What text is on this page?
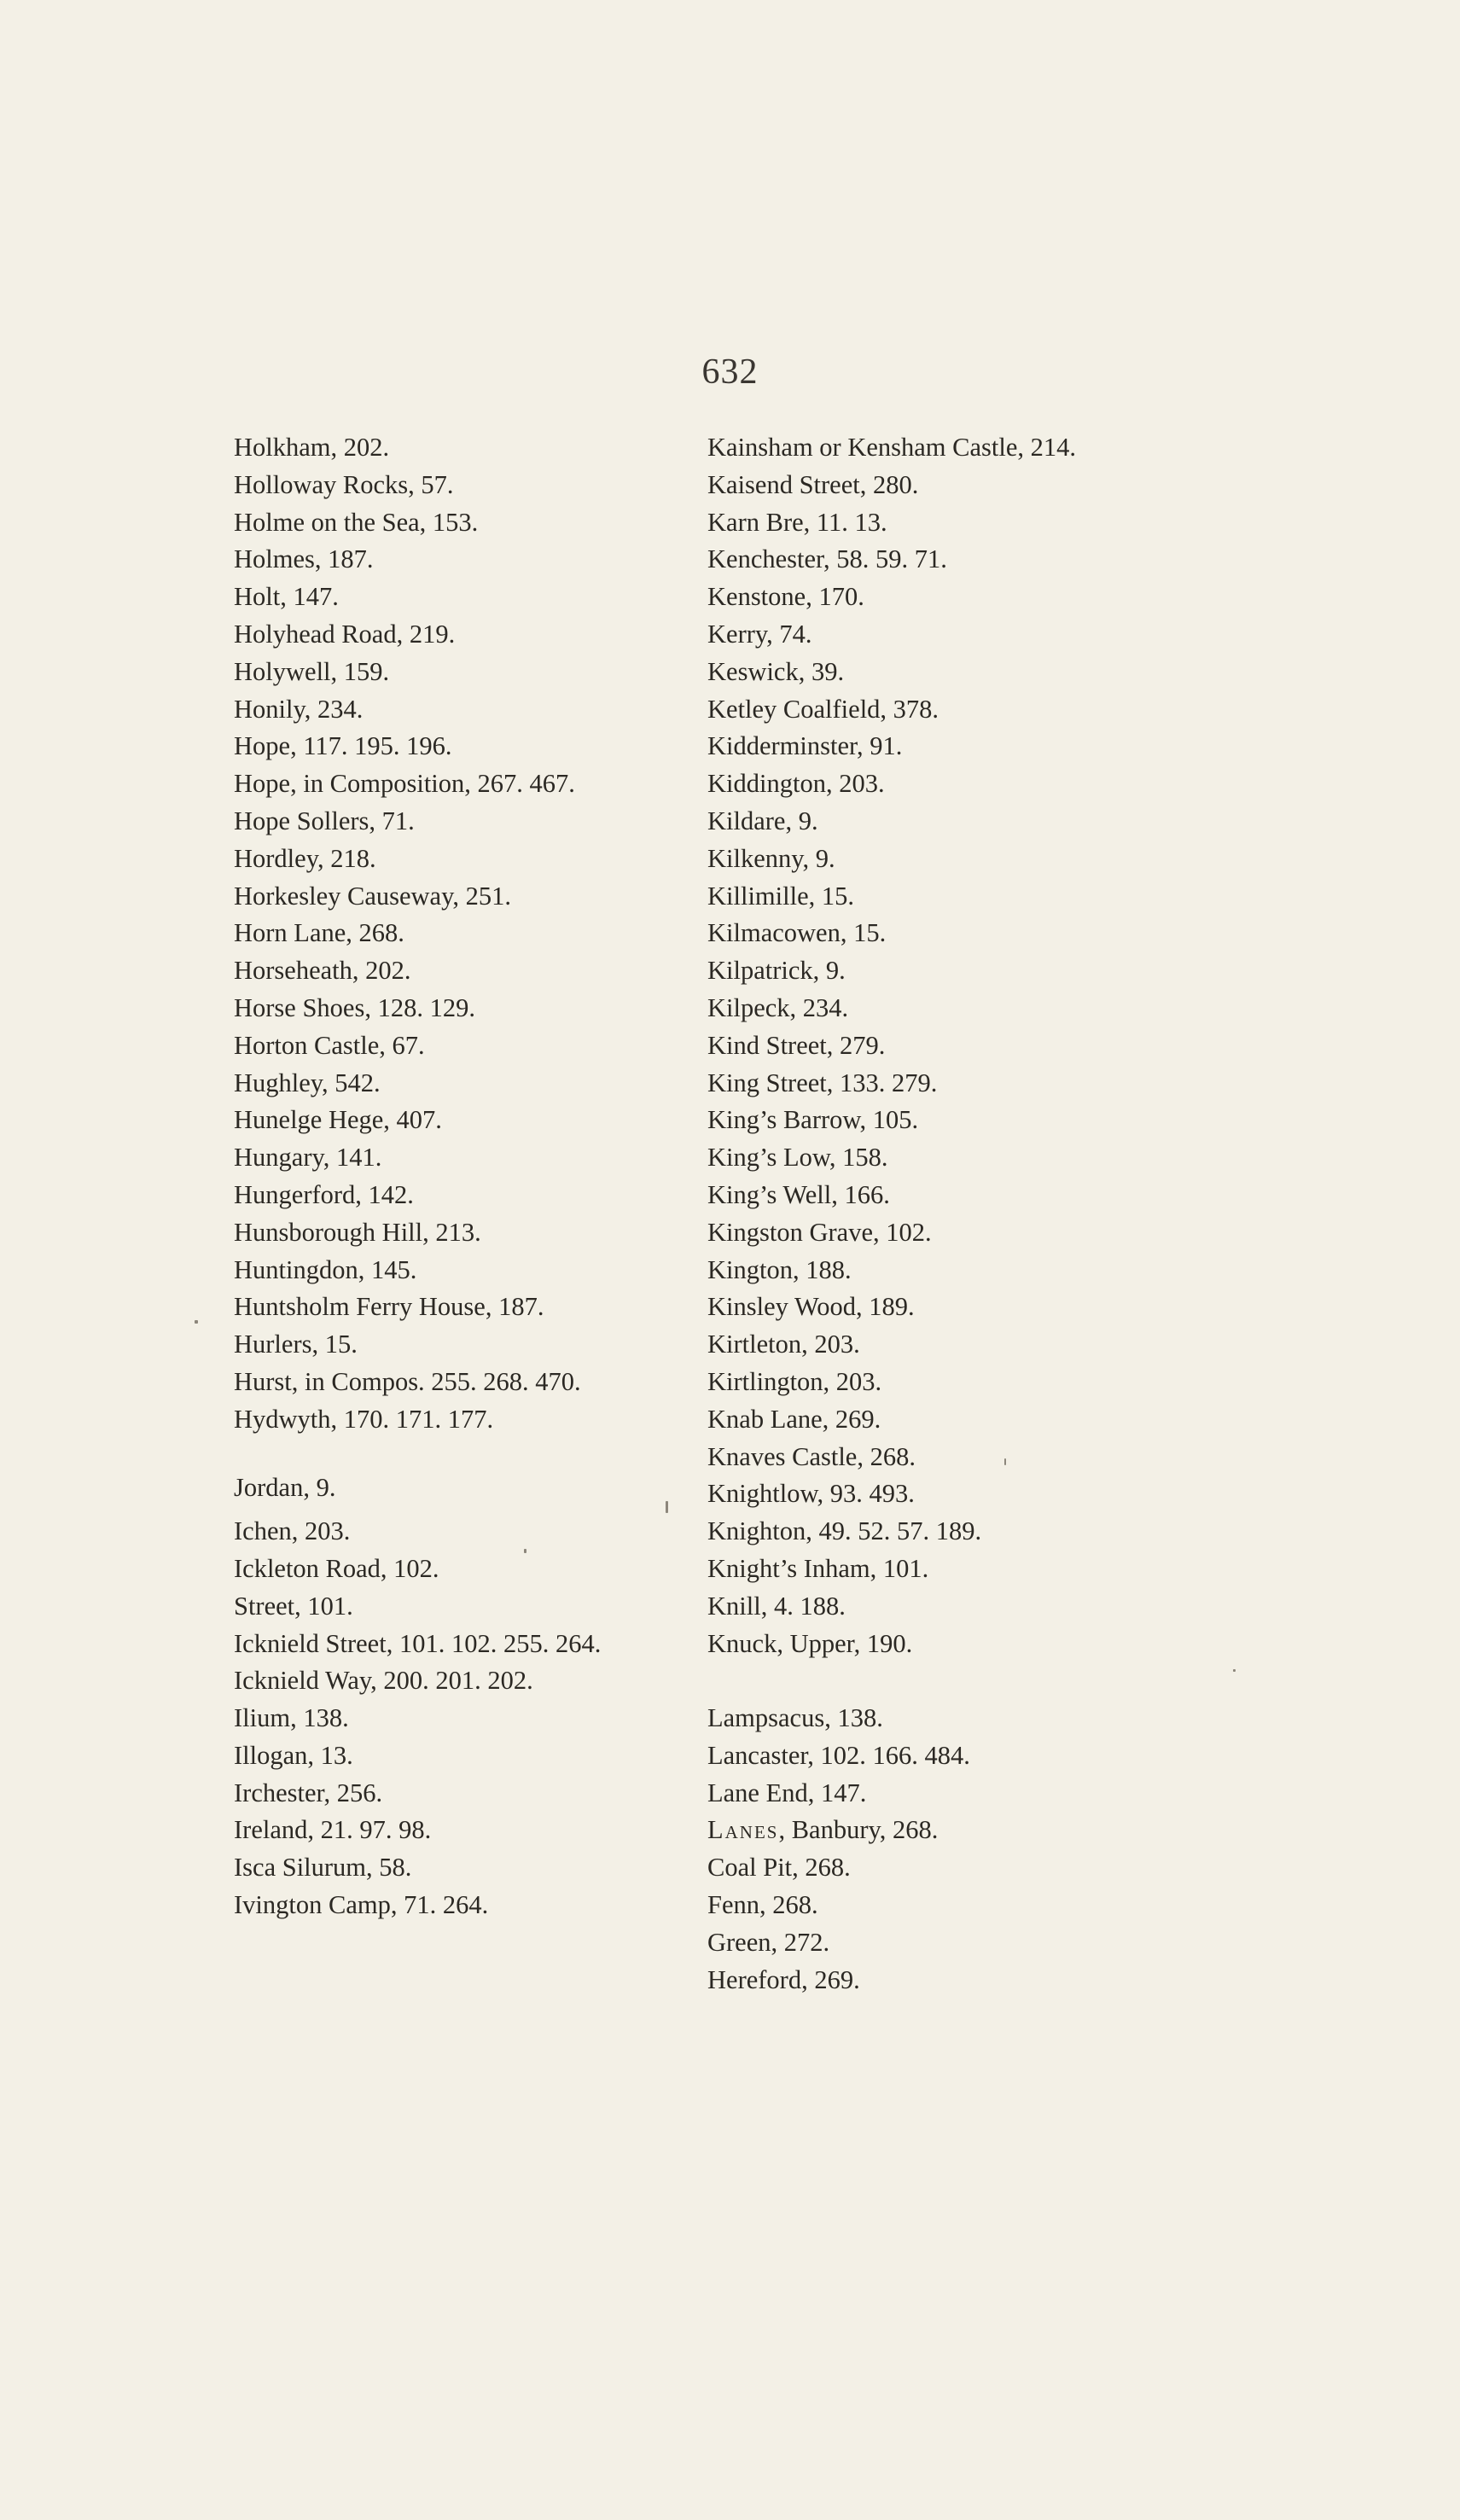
632
Holkham, 202.
Holloway Rocks, 57.
Holme on the Sea, 153.
Holmes, 187.
Holt, 147.
Holyhead Road, 219.
Holywell, 159.
Honily, 234.
Hope, 117. 195. 196.
Hope, in Composition, 267. 467.
Hope Sollers, 71.
Hordley, 218.
Horkesley Causeway, 251.
Horn Lane, 268.
Horseheath, 202.
Horse Shoes, 128. 129.
Horton Castle, 67.
Hughley, 542.
Hunelge Hege, 407.
Hungary, 141.
Hungerford, 142.
Hunsborough Hill, 213.
Huntingdon, 145.
Huntsholm Ferry House, 187.
Hurlers, 15.
Hurst, in Compos. 255. 268. 470.
Hydwyth, 170. 171. 177.
Ichen, 203.
Ickleton Road, 102.
Street, 101.
Icknield Street, 101. 102. 255. 264.
Icknield Way, 200. 201. 202.
Ilium, 138.
Illogan, 13.
Irchester, 256.
Ireland, 21. 97. 98.
Isca Silurum, 58.
Ivington Camp, 71. 264.
Jordan, 9.
Kainsham or Kensham Castle, 214.
Kaisend Street, 280.
Karn Bre, 11. 13.
Kenchester, 58. 59. 71.
Kenstone, 170.
Kerry, 74.
Keswick, 39.
Ketley Coalfield, 378.
Kidderminster, 91.
Kiddington, 203.
Kildare, 9.
Kilkenny, 9.
Killimille, 15.
Kilmacowen, 15.
Kilpatrick, 9.
Kilpeck, 234.
Kind Street, 279.
King Street, 133. 279.
King’s Barrow, 105.
King’s Low, 158.
King’s Well, 166.
Kingston Grave, 102.
Kington, 188.
Kinsley Wood, 189.
Kirtleton, 203.
Kirtlington, 203.
Knab Lane, 269.
Knaves Castle, 268.
Knightlow, 93. 493.
Knighton, 49. 52. 57. 189.
Knight’s Inham, 101.
Knill, 4. 188.
Knuck, Upper, 190.
Lampsacus, 138.
Lancaster, 102. 166. 484.
Lane End, 147.
Lanes, Banbury, 268.
Coal Pit, 268.
Fenn, 268.
Green, 272.
Hereford, 269.
